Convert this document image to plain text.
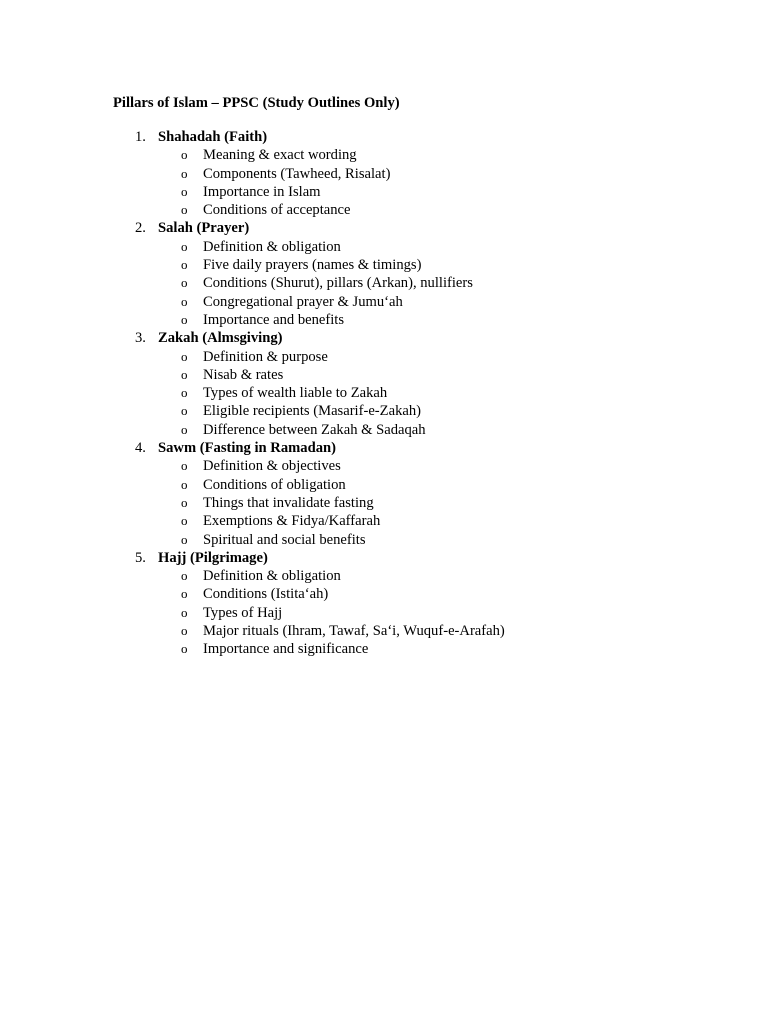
Pillars of Islam – PPSC (Study Outlines Only)
1. Shahadah (Faith)
o Meaning & exact wording
o Components (Tawheed, Risalat)
o Importance in Islam
o Conditions of acceptance
2. Salah (Prayer)
o Definition & obligation
o Five daily prayers (names & timings)
o Conditions (Shurut), pillars (Arkan), nullifiers
o Congregational prayer & Jumu‘ah
o Importance and benefits
3. Zakah (Almsgiving)
o Definition & purpose
o Nisab & rates
o Types of wealth liable to Zakah
o Eligible recipients (Masarif-e-Zakah)
o Difference between Zakah & Sadaqah
4. Sawm (Fasting in Ramadan)
o Definition & objectives
o Conditions of obligation
o Things that invalidate fasting
o Exemptions & Fidya/Kaffarah
o Spiritual and social benefits
5. Hajj (Pilgrimage)
o Definition & obligation
o Conditions (Istita‘ah)
o Types of Hajj
o Major rituals (Ihram, Tawaf, Sa‘i, Wuquf-e-Arafah)
o Importance and significance
